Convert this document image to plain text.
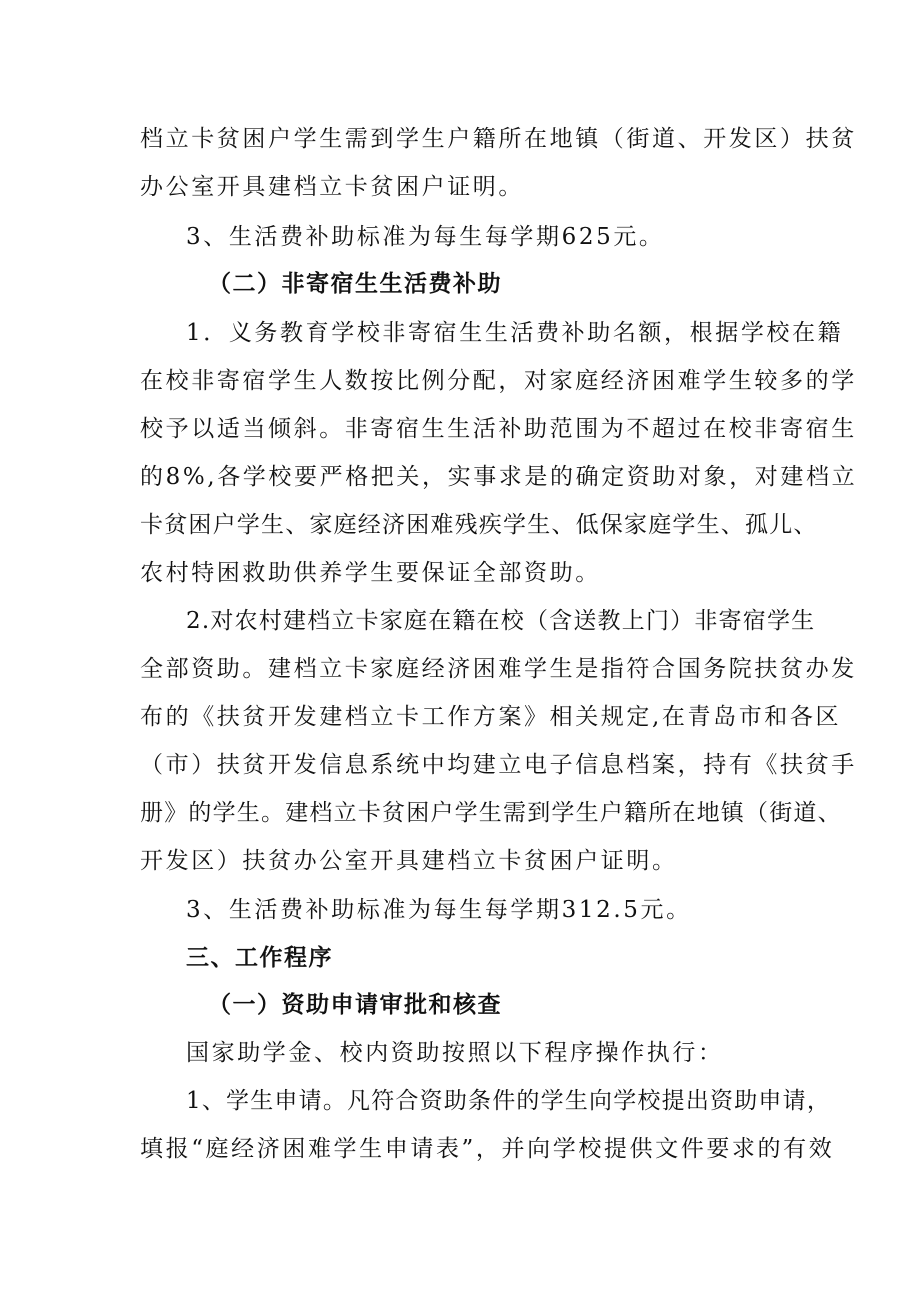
档立卡贫困户学生需到学生户籍所在地镇（街道、开发区）扶贫
办公室开具建档立卡贫困户证明。
3、生活费补助标准为每生每学期625元。
（二）非寄宿生生活费补助
1．义务教育学校非寄宿生生活费补助名额，根据学校在籍
在校非寄宿学生人数按比例分配，对家庭经济困难学生较多的学
校予以适当倾斜。非寄宿生生活补助范围为不超过在校非寄宿生
的8%,各学校要严格把关，实事求是的确定资助对象，对建档立
卡贫困户学生、家庭经济困难残疾学生、低保家庭学生、孤儿、
农村特困救助供养学生要保证全部资助。
2.对农村建档立卡家庭在籍在校（含送教上门）非寄宿学生
全部资助。建档立卡家庭经济困难学生是指符合国务院扶贫办发
布的《扶贫开发建档立卡工作方案》相关规定,在青岛市和各区
（市）扶贫开发信息系统中均建立电子信息档案，持有《扶贫手
册》的学生。建档立卡贫困户学生需到学生户籍所在地镇（街道、
开发区）扶贫办公室开具建档立卡贫困户证明。
3、生活费补助标准为每生每学期312.5元。
三、工作程序
（一）资助申请审批和核查
国家助学金、校内资助按照以下程序操作执行：
1、学生申请。凡符合资助条件的学生向学校提出资助申请，
填报“庭经济困难学生申请表”，并向学校提供文件要求的有效
